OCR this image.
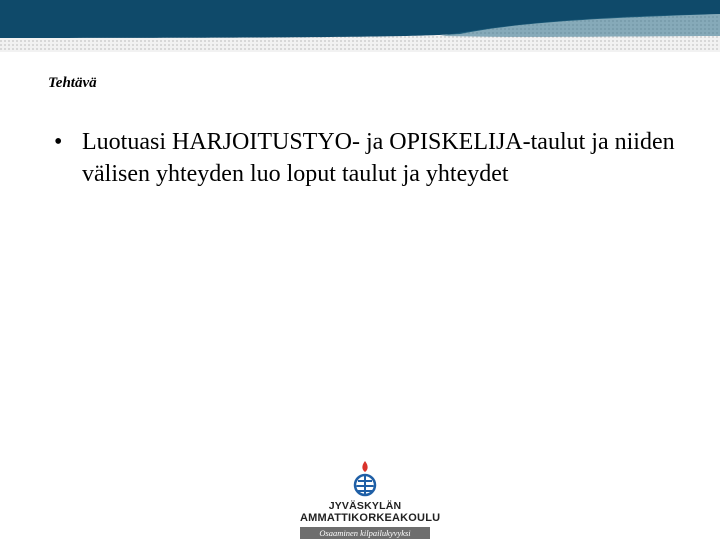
Tehtävä
• Luotuasi HARJOITUSTYO- ja OPISKELIJA-taulut ja niiden välisen yhteyden luo loput taulut ja yhteydet
JYVÄSKYLÄN
AMMATTIKORKEAKOULU
Osaaminen kilpailukyvyksi
